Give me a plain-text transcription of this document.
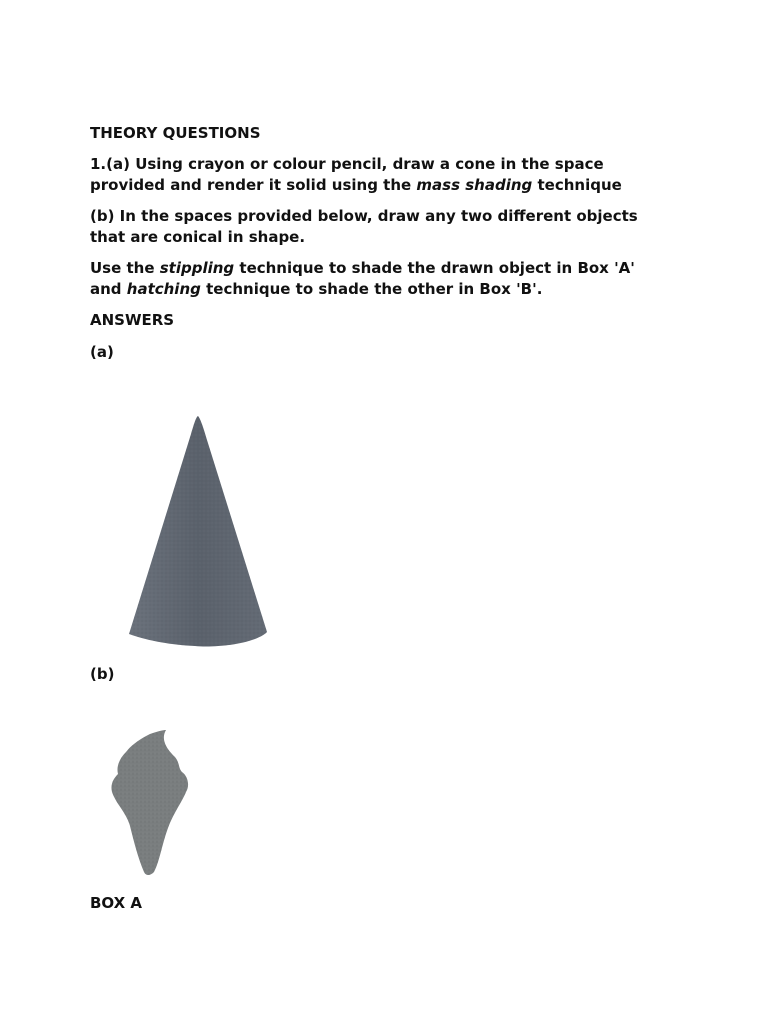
THEORY QUESTIONS

1.(a) Using crayon or colour pencil, draw a cone in the space

provided and render it solid using the mass shading technique

(b) In the spaces provided below, draw any two different objects

that are conical in shape.

Use the stippling technique to shade the drawn object in Box 'A'

and hatching technique to shade the other in Box 'B'.

ANSWERS

(a)

(b)

BOX A
